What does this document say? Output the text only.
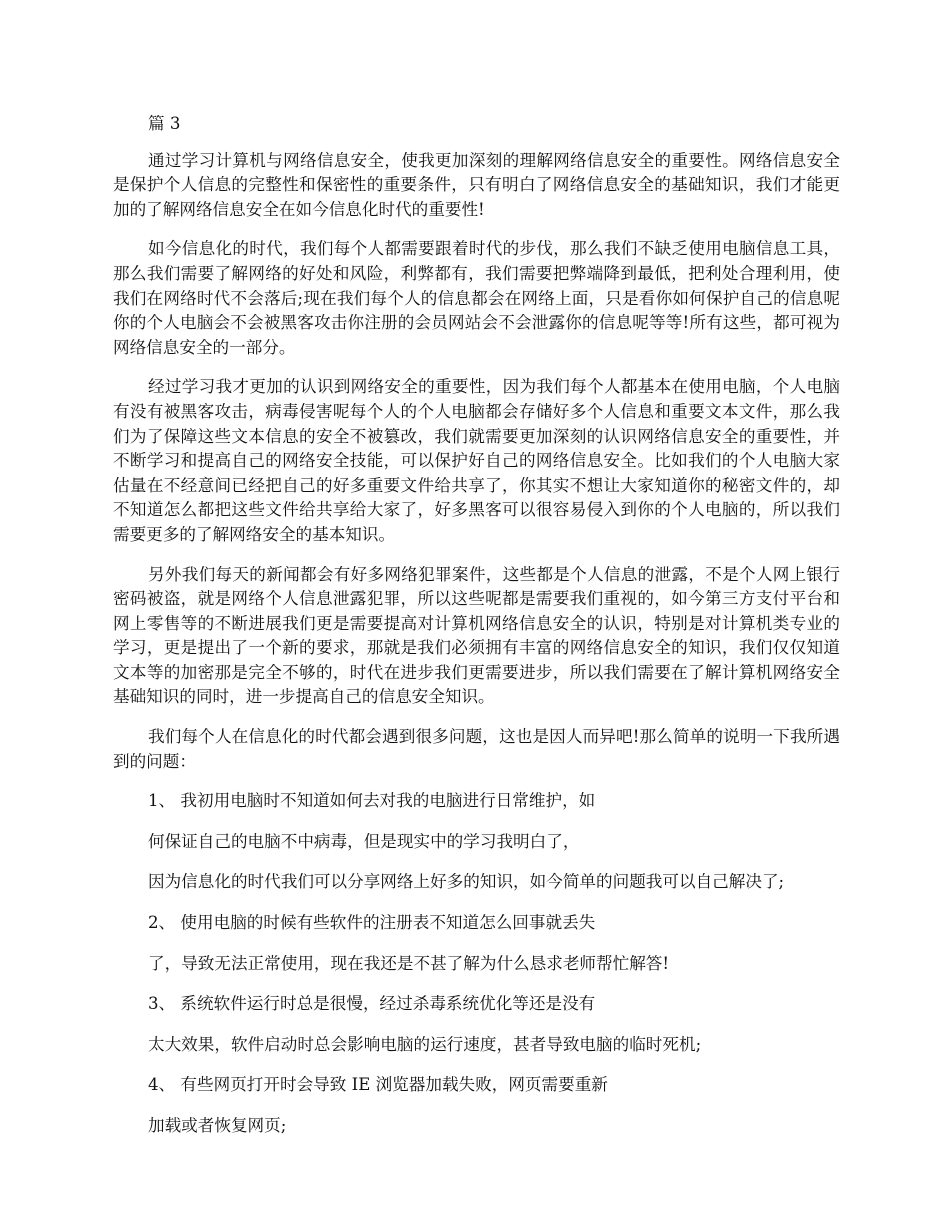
篇 3

通过学习计算机与网络信息安全，使我更加深刻的理解网络信息安全的重要性。网络信息安全是保护个人信息的完整性和保密性的重要条件，只有明白了网络信息安全的基础知识，我们才能更加的了解网络信息安全在如今信息化时代的重要性!

如今信息化的时代，我们每个人都需要跟着时代的步伐，那么我们不缺乏使用电脑信息工具，那么我们需要了解网络的好处和风险，利弊都有，我们需要把弊端降到最低，把利处合理利用，使我们在网络时代不会落后;现在我们每个人的信息都会在网络上面，只是看你如何保护自己的信息呢你的个人电脑会不会被黑客攻击你注册的会员网站会不会泄露你的信息呢等等!所有这些，都可视为网络信息安全的一部分。

经过学习我才更加的认识到网络安全的重要性，因为我们每个人都基本在使用电脑，个人电脑有没有被黑客攻击，病毒侵害呢每个人的个人电脑都会存储好多个人信息和重要文本文件，那么我们为了保障这些文本信息的安全不被篡改，我们就需要更加深刻的认识网络信息安全的重要性，并不断学习和提高自己的网络安全技能，可以保护好自己的网络信息安全。比如我们的个人电脑大家估量在不经意间已经把自己的好多重要文件给共享了，你其实不想让大家知道你的秘密文件的，却不知道怎么都把这些文件给共享给大家了，好多黑客可以很容易侵入到你的个人电脑的，所以我们需要更多的了解网络安全的基本知识。

另外我们每天的新闻都会有好多网络犯罪案件，这些都是个人信息的泄露，不是个人网上银行密码被盗，就是网络个人信息泄露犯罪，所以这些呢都是需要我们重视的，如今第三方支付平台和网上零售等的不断进展我们更是需要提高对计算机网络信息安全的认识，特别是对计算机类专业的学习，更是提出了一个新的要求，那就是我们必须拥有丰富的网络信息安全的知识，我们仅仅知道文本等的加密那是完全不够的，时代在进步我们更需要进步，所以我们需要在了解计算机网络安全基础知识的同时，进一步提高自己的信息安全知识。

我们每个人在信息化的时代都会遇到很多问题，这也是因人而异吧!那么简单的说明一下我所遇到的问题：

1、 我初用电脑时不知道如何去对我的电脑进行日常维护，如
何保证自己的电脑不中病毒，但是现实中的学习我明白了，
因为信息化的时代我们可以分享网络上好多的知识，如今简单的问题我可以自己解决了;
2、 使用电脑的时候有些软件的注册表不知道怎么回事就丢失
了，导致无法正常使用，现在我还是不甚了解为什么恳求老师帮忙解答!
3、 系统软件运行时总是很慢，经过杀毒系统优化等还是没有
太大效果，软件启动时总会影响电脑的运行速度，甚者导致电脑的临时死机;
4、 有些网页打开时会导致 IE 浏览器加载失败，网页需要重新
加载或者恢复网页;
